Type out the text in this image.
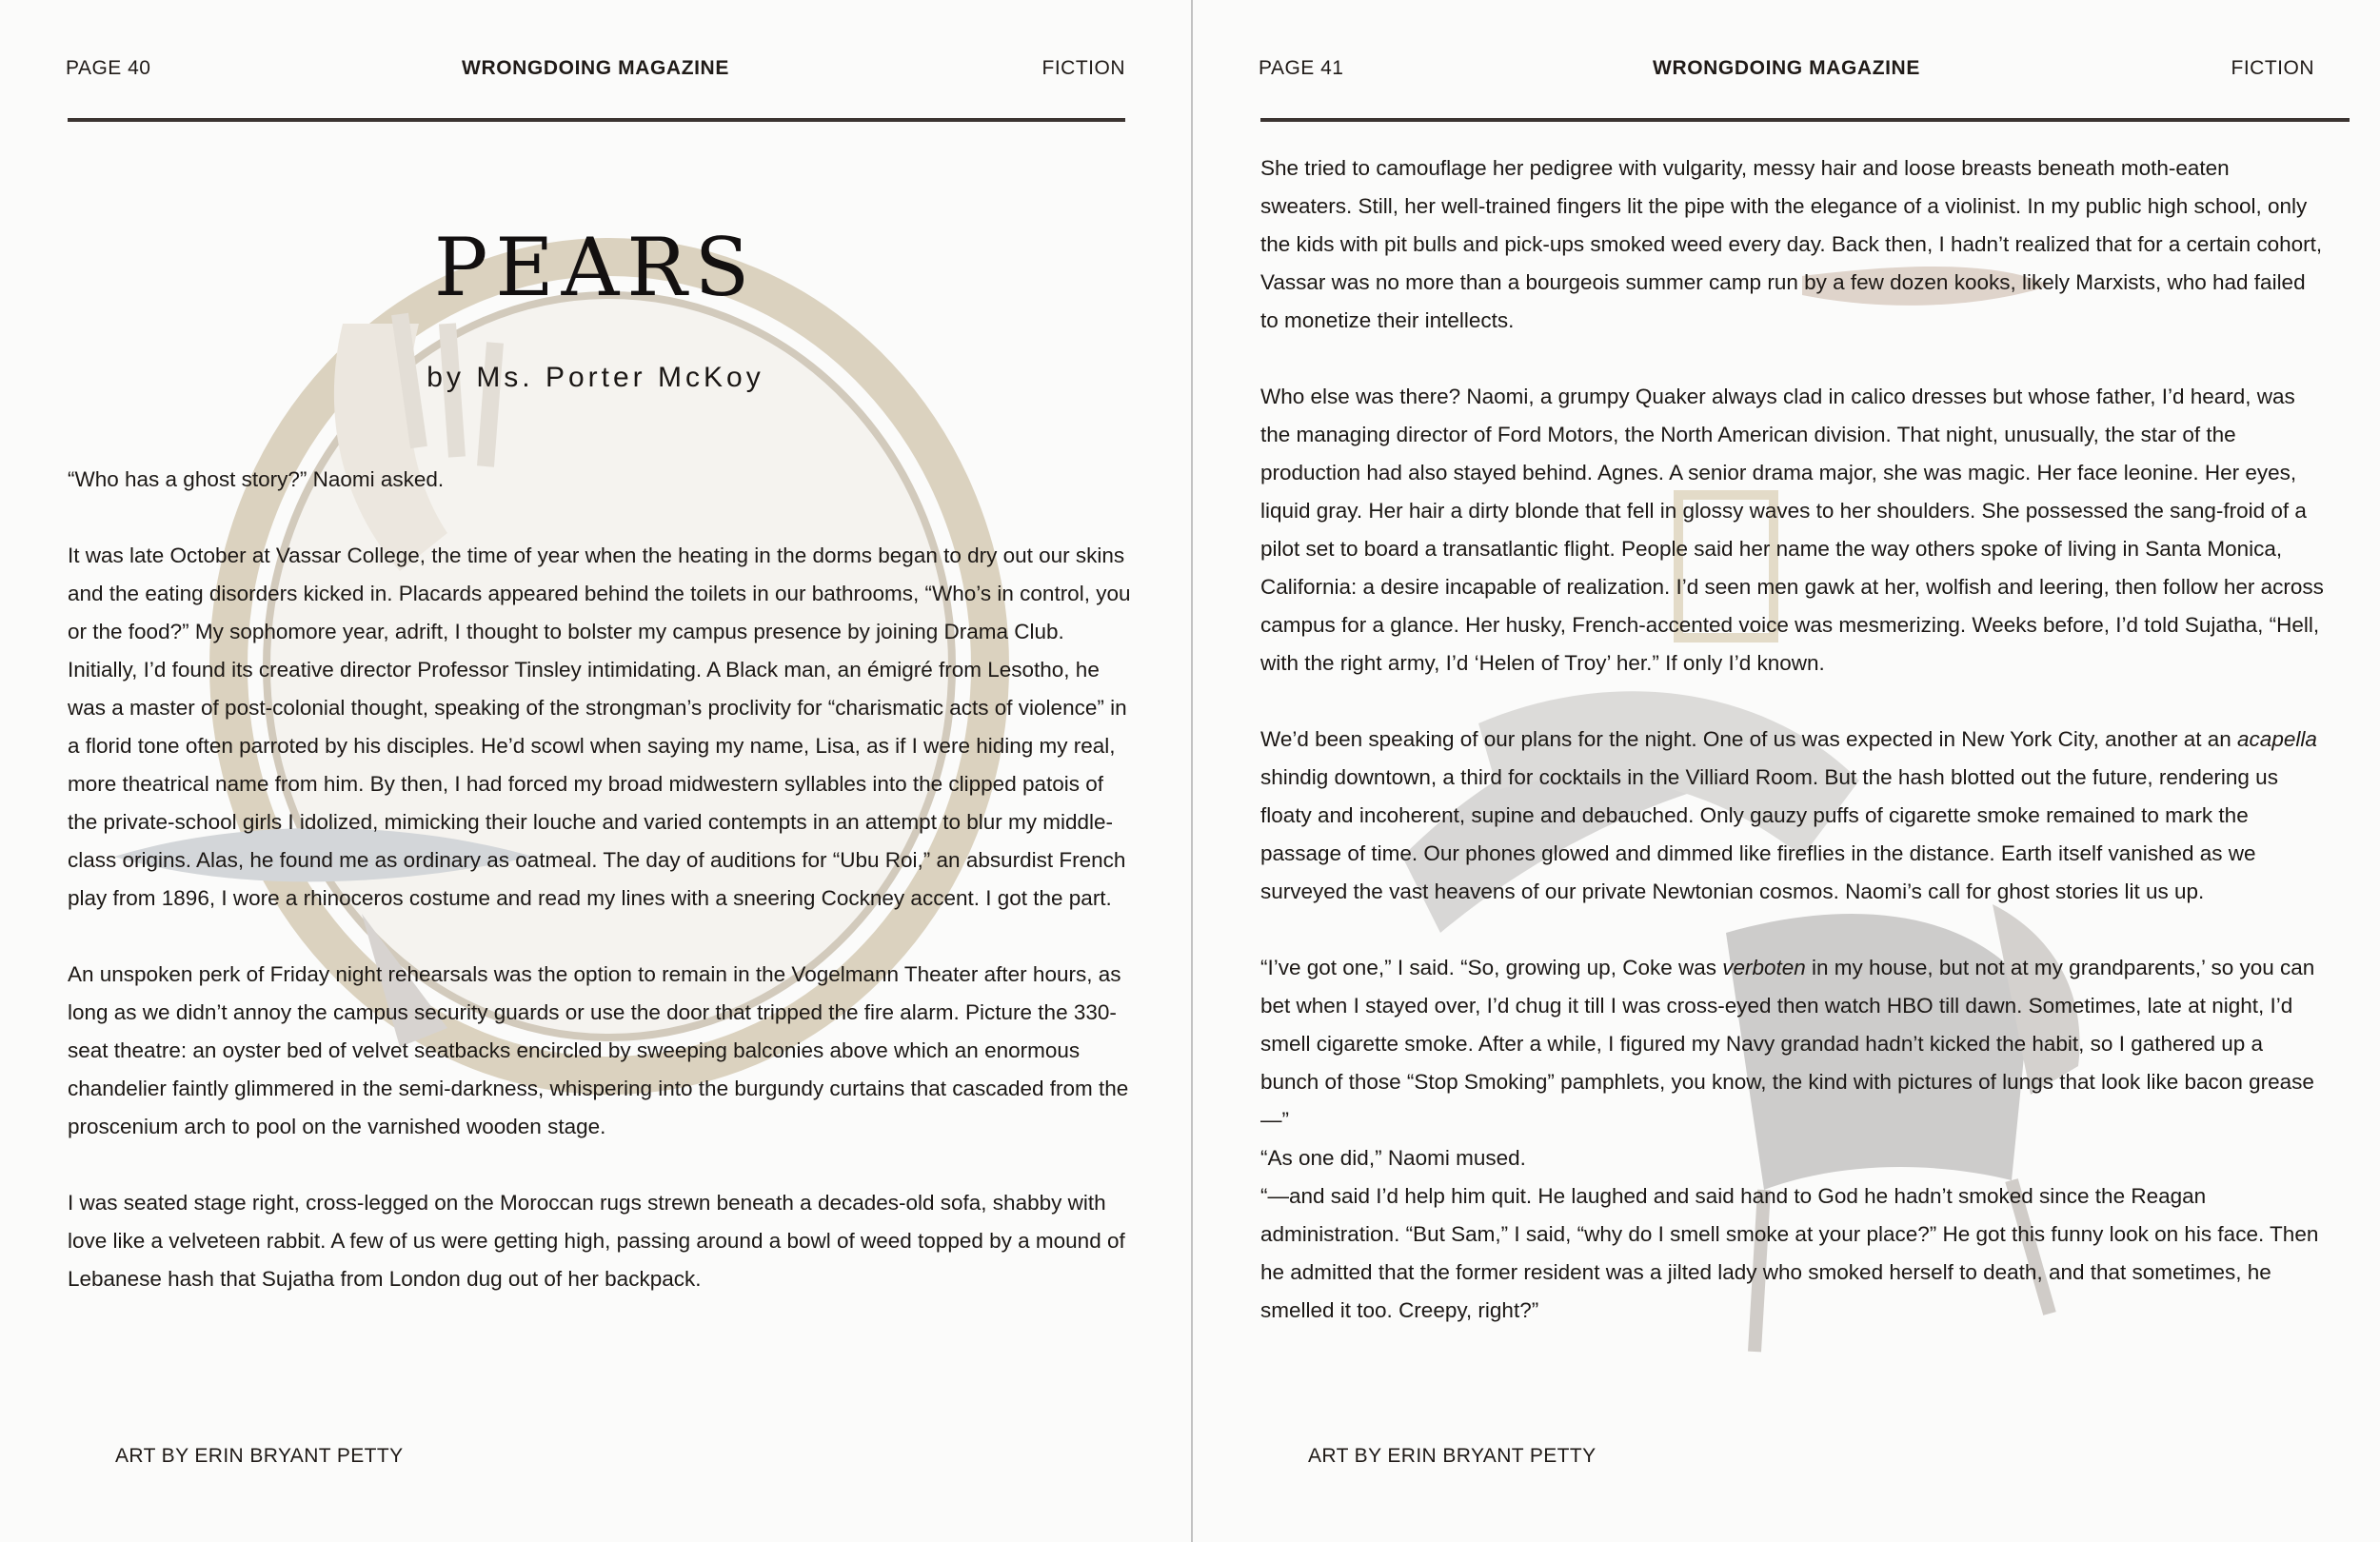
PAGE 40	WRONGDOING MAGAZINE	FICTION
PEARS
by Ms. Porter McKoy

“Who has a ghost story?” Naomi asked.

It was late October at Vassar College, the time of year when the heating in the dorms began to dry out our skins and the eating disorders kicked in. Placards appeared behind the toilets in our bathrooms, “Who’s in control, you or the food?” My sophomore year, adrift, I thought to bolster my campus presence by joining Drama Club. Initially, I’d found its creative director Professor Tinsley intimidating. A Black man, an émigré from Lesotho, he was a master of post-colonial thought, speaking of the strongman’s proclivity for “charismatic acts of violence” in a florid tone often parroted by his disciples. He’d scowl when saying my name, Lisa, as if I were hiding my real, more theatrical name from him. By then, I had forced my broad midwestern syllables into the clipped patois of the private-school girls I idolized, mimicking their louche and varied contempts in an attempt to blur my middle-class origins. Alas, he found me as ordinary as oatmeal. The day of auditions for “Ubu Roi,” an absurdist French play from 1896, I wore a rhinoceros costume and read my lines with a sneering Cockney accent. I got the part.

An unspoken perk of Friday night rehearsals was the option to remain in the Vogelmann Theater after hours, as long as we didn’t annoy the campus security guards or use the door that tripped the fire alarm. Picture the 330-seat theatre: an oyster bed of velvet seatbacks encircled by sweeping balconies above which an enormous chandelier faintly glimmered in the semi-darkness, whispering into the burgundy curtains that cascaded from the proscenium arch to pool on the varnished wooden stage.

I was seated stage right, cross-legged on the Moroccan rugs strewn beneath a decades-old sofa, shabby with love like a velveteen rabbit. A few of us were getting high, passing around a bowl of weed topped by a mound of Lebanese hash that Sujatha from London dug out of her backpack.

ART BY ERIN BRYANT PETTY
PAGE 41	WRONGDOING MAGAZINE	FICTION

She tried to camouflage her pedigree with vulgarity, messy hair and loose breasts beneath moth-eaten sweaters. Still, her well-trained fingers lit the pipe with the elegance of a violinist. In my public high school, only the kids with pit bulls and pick-ups smoked weed every day. Back then, I hadn’t realized that for a certain cohort, Vassar was no more than a bourgeois summer camp run by a few dozen kooks, likely Marxists, who had failed to monetize their intellects.

Who else was there? Naomi, a grumpy Quaker always clad in calico dresses but whose father, I’d heard, was the managing director of Ford Motors, the North American division. That night, unusually, the star of the production had also stayed behind. Agnes. A senior drama major, she was magic. Her face leonine. Her eyes, liquid gray. Her hair a dirty blonde that fell in glossy waves to her shoulders. She possessed the sang-froid of a pilot set to board a transatlantic flight. People said her name the way others spoke of living in Santa Monica, California: a desire incapable of realization. I’d seen men gawk at her, wolfish and leering, then follow her across campus for a glance. Her husky, French-accented voice was mesmerizing. Weeks before, I’d told Sujatha, “Hell, with the right army, I’d ‘Helen of Troy’ her.” If only I’d known.

We’d been speaking of our plans for the night. One of us was expected in New York City, another at an acapella shindig downtown, a third for cocktails in the Villiard Room. But the hash blotted out the future, rendering us floaty and incoherent, supine and debauched. Only gauzy puffs of cigarette smoke remained to mark the passage of time. Our phones glowed and dimmed like fireflies in the distance. Earth itself vanished as we surveyed the vast heavens of our private Newtonian cosmos. Naomi’s call for ghost stories lit us up.

“I’ve got one,” I said. “So, growing up, Coke was verboten in my house, but not at my grandparents,’ so you can bet when I stayed over, I’d chug it till I was cross-eyed then watch HBO till dawn. Sometimes, late at night, I’d smell cigarette smoke. After a while, I figured my Navy grandad hadn’t kicked the habit, so I gathered up a bunch of those “Stop Smoking” pamphlets, you know, the kind with pictures of lungs that look like bacon grease—”

“As one did,” Naomi mused.

“—and said I’d help him quit. He laughed and said hand to God he hadn’t smoked since the Reagan administration. “But Sam,” I said, “why do I smell smoke at your place?” He got this funny look on his face. Then he admitted that the former resident was a jilted lady who smoked herself to death, and that sometimes, he smelled it too. Creepy, right?”

ART BY ERIN BRYANT PETTY
